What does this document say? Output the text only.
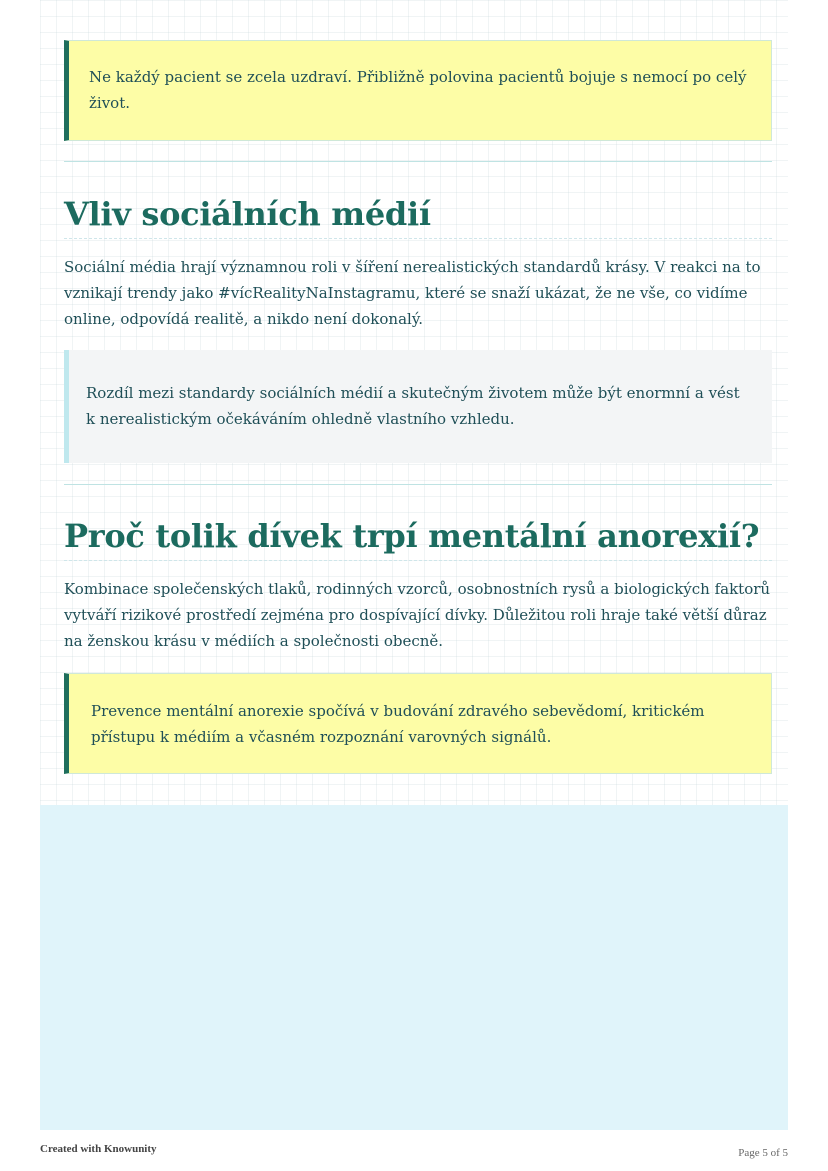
Ne každý pacient se zcela uzdraví. Přibližně polovina pacientů bojuje s nemocí po celý život.
Vliv sociálních médií

Sociální média hrají významnou roli v šíření nerealistických standardů krásy. V reakci na to vznikají trendy jako #vícRealityNaInstagramu, které se snaží ukázat, že ne vše, co vidíme online, odpovídá realitě, a nikdo není dokonalý.

Rozdíl mezi standardy sociálních médií a skutečným životem může být enormní a vést k nerealistickým očekáváním ohledně vlastního vzhledu.
Proč tolik dívek trpí mentální anorexií?

Kombinace společenských tlaků, rodinných vzorců, osobnostních rysů a biologických faktorů vytváří rizikové prostředí zejména pro dospívající dívky. Důležitou roli hraje také větší důraz na ženskou krásu v médiích a společnosti obecně.

Prevence mentální anorexie spočívá v budování zdravého sebevědomí, kritickém přístupu k médiím a včasném rozpoznání varovných signálů.
Created with Knowunity	Page 5 of 5
